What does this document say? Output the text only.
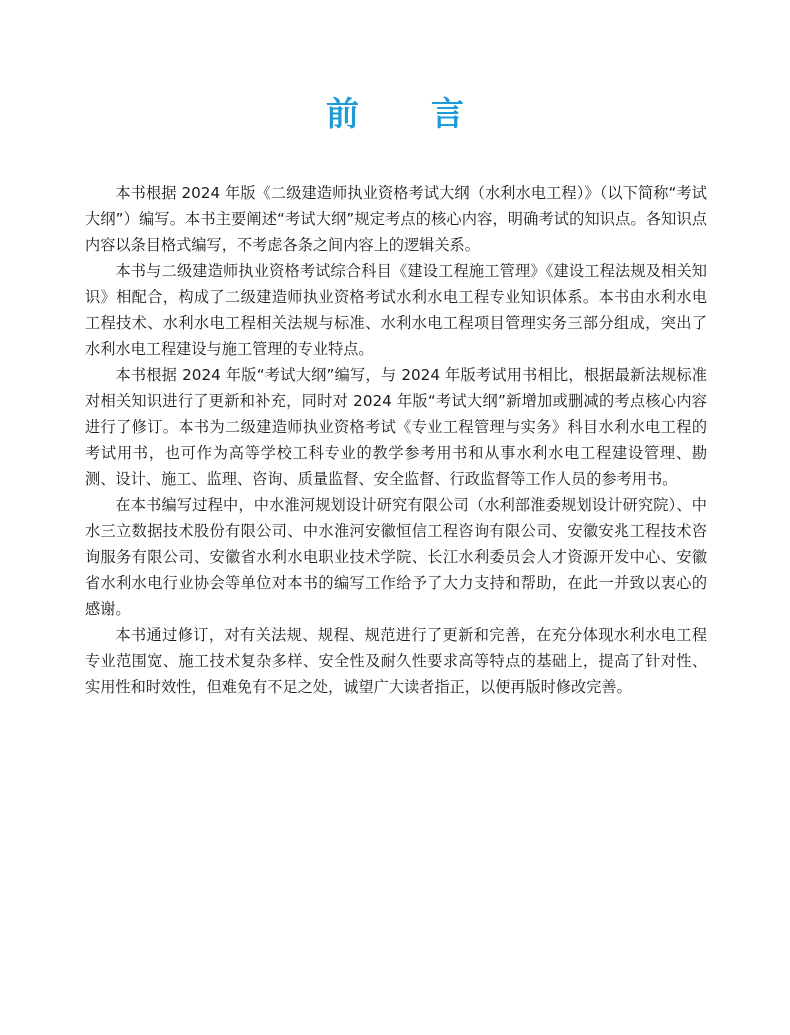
前言

本书根据 2024 年版《二级建造师执业资格考试大纲（水利水电工程）》（以下简称“考试大纲”）编写。本书主要阐述“考试大纲”规定考点的核心内容，明确考试的知识点。各知识点内容以条目格式编写，不考虑各条之间内容上的逻辑关系。

本书与二级建造师执业资格考试综合科目《建设工程施工管理》《建设工程法规及相关知识》相配合，构成了二级建造师执业资格考试水利水电工程专业知识体系。本书由水利水电工程技术、水利水电工程相关法规与标准、水利水电工程项目管理实务三部分组成，突出了水利水电工程建设与施工管理的专业特点。

本书根据 2024 年版“考试大纲”编写，与 2024 年版考试用书相比，根据最新法规标准对相关知识进行了更新和补充，同时对 2024 年版“考试大纲”新增加或删减的考点核心内容进行了修订。本书为二级建造师执业资格考试《专业工程管理与实务》科目水利水电工程的考试用书，也可作为高等学校工科专业的教学参考用书和从事水利水电工程建设管理、勘测、设计、施工、监理、咨询、质量监督、安全监督、行政监督等工作人员的参考用书。

在本书编写过程中，中水淮河规划设计研究有限公司（水利部淮委规划设计研究院）、中水三立数据技术股份有限公司、中水淮河安徽恒信工程咨询有限公司、安徽安兆工程技术咨询服务有限公司、安徽省水利水电职业技术学院、长江水利委员会人才资源开发中心、安徽省水利水电行业协会等单位对本书的编写工作给予了大力支持和帮助，在此一并致以衷心的感谢。

本书通过修订，对有关法规、规程、规范进行了更新和完善，在充分体现水利水电工程专业范围宽、施工技术复杂多样、安全性及耐久性要求高等特点的基础上，提高了针对性、实用性和时效性，但难免有不足之处，诚望广大读者指正，以便再版时修改完善。
